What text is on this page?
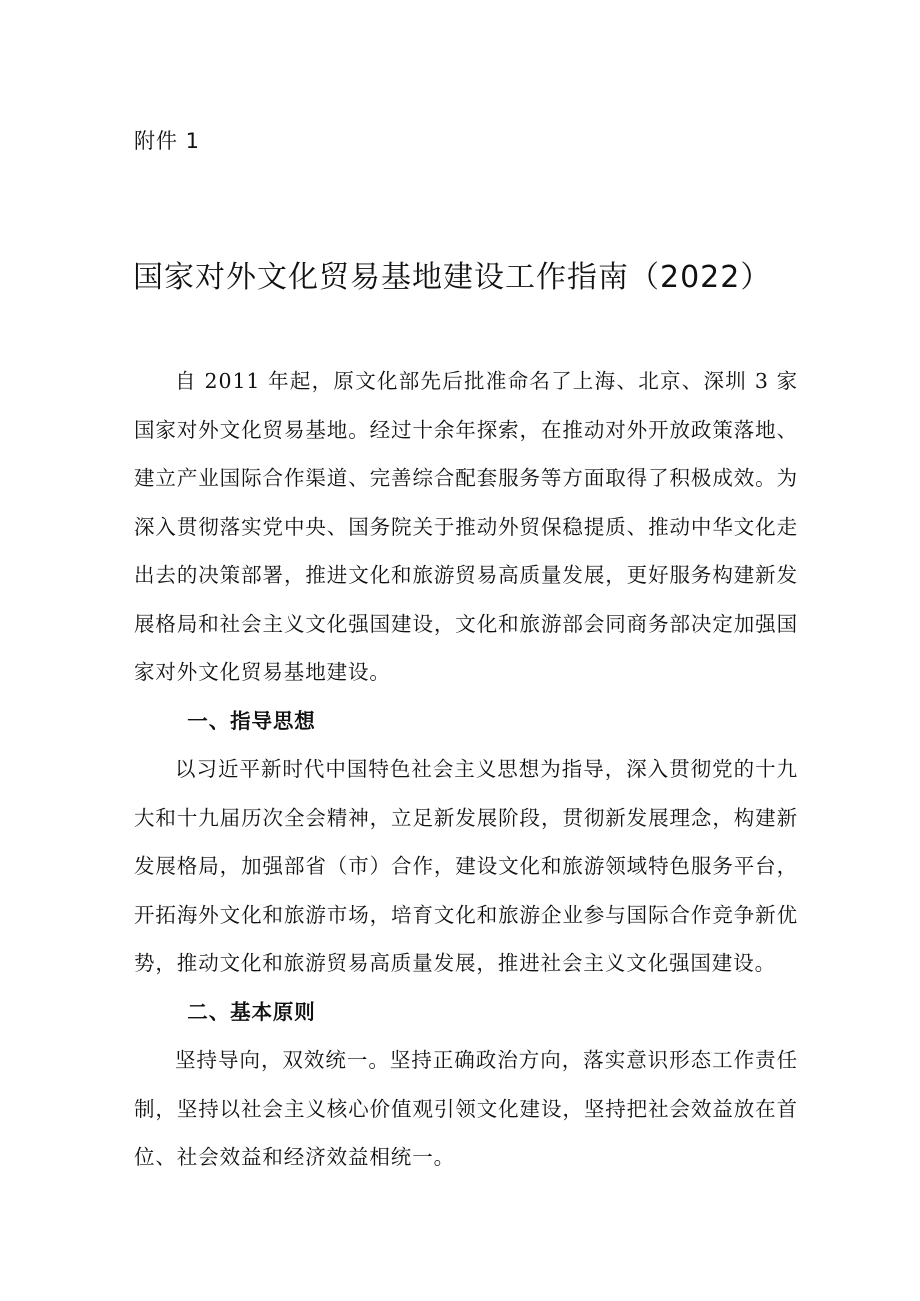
附件 1
国家对外文化贸易基地建设工作指南（2022）

自 2011 年起，原文化部先后批准命名了上海、北京、深圳 3 家国家对外文化贸易基地。经过十余年探索，在推动对外开放政策落地、建立产业国际合作渠道、完善综合配套服务等方面取得了积极成效。为深入贯彻落实党中央、国务院关于推动外贸保稳提质、推动中华文化走出去的决策部署，推进文化和旅游贸易高质量发展，更好服务构建新发展格局和社会主义文化强国建设，文化和旅游部会同商务部决定加强国家对外文化贸易基地建设。

一、指导思想

以习近平新时代中国特色社会主义思想为指导，深入贯彻党的十九大和十九届历次全会精神，立足新发展阶段，贯彻新发展理念，构建新发展格局，加强部省（市）合作，建设文化和旅游领域特色服务平台，开拓海外文化和旅游市场，培育文化和旅游企业参与国际合作竞争新优势，推动文化和旅游贸易高质量发展，推进社会主义文化强国建设。

二、基本原则

坚持导向，双效统一。坚持正确政治方向，落实意识形态工作责任制，坚持以社会主义核心价值观引领文化建设，坚持把社会效益放在首位、社会效益和经济效益相统一。
